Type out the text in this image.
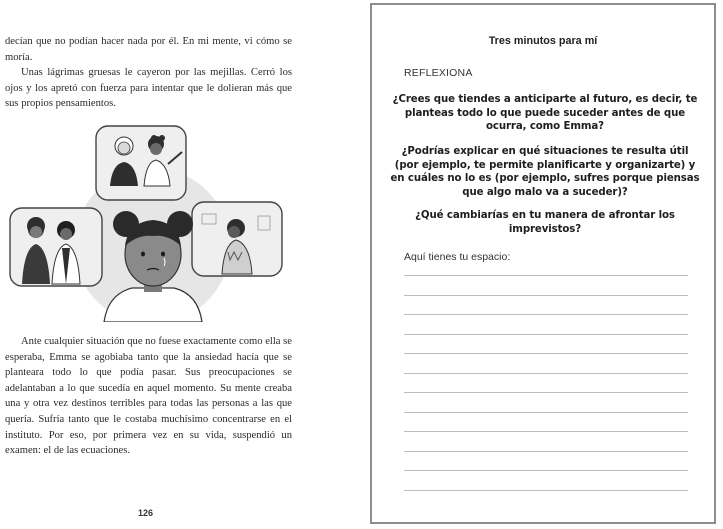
decían que no podían hacer nada por él. En mi mente, vi cómo se moría.

Unas lágrimas gruesas le cayeron por las mejillas. Cerró los ojos y los apretó con fuerza para intentar que le dolieran más que sus propios pensamientos.

Ante cualquier situación que no fuese exactamente como ella se esperaba, Emma se agobiaba tanto que la ansiedad hacía que se planteara todo lo que podía pasar. Sus preocupaciones se adelantaban a lo que sucedía en aquel momento. Su mente creaba una y otra vez destinos terribles para todas las personas a las que quería. Sufría tanto que le costaba muchísimo concentrarse en el instituto. Por eso, por primera vez en su vida, suspendió un examen: el de las ecuaciones.

126
Tres minutos para mí
REFLEXIONA
¿Crees que tiendes a anticiparte al futuro, es decir, te planteas todo lo que puede suceder antes de que ocurra, como Emma?
¿Podrías explicar en qué situaciones te resulta útil (por ejemplo, te permite planificarte y organizarte) y en cuáles no lo es (por ejemplo, sufres porque piensas que algo malo va a suceder)?
¿Qué cambiarías en tu manera de afrontar los imprevistos?
Aquí tienes tu espacio:
